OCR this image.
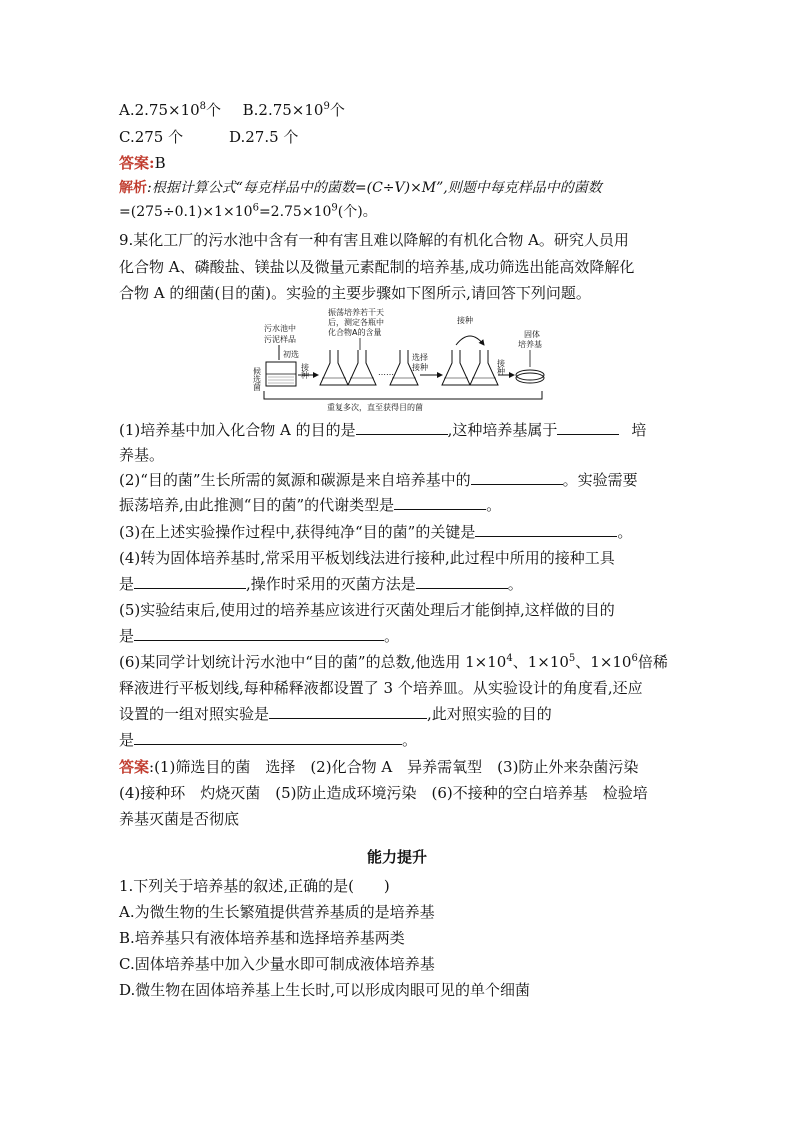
$A.2.75\times 10^8$个 $B.2.75\times 10^9$个
C.275 个	D.27.5 个
答案:B
解析:根据计算公式“每克样品中的菌数=(C÷V)×M”,则题中每克样品中的菌数
$=(275\div 0.1)\times 1\times 10^6=2.75\times 10^9$(个)。
9.某化工厂的污水池中含有一种有害且难以降解的有机化合物 A。研究人员用
化合物 A、磷酸盐、镁盐以及微量元素配制的培养基,成功筛选出能高效降解化
合物 A 的细菌(目的菌)。实验的主要步骤如下图所示,请回答下列问题。
候选菌
污水池中
污泥样品
初选
接种
振荡培养若干天
后，测定各瓶中
化合物A的含量
……
选择
接种
接种
接种
固体
培养基
重复多次，直至获得目的菌
(1)培养基中加入化合物 A 的目的是	,这种培养基属于	培
养基。
(2)“目的菌”生长所需的氮源和碳源是来自培养基中的	。实验需要
振荡培养,由此推测“目的菌”的代谢类型是	。
(3)在上述实验操作过程中,获得纯净“目的菌”的关键是	。
(4)转为固体培养基时,常采用平板划线法进行接种,此过程中所用的接种工具
是	,操作时采用的灭菌方法是	。
(5)实验结束后,使用过的培养基应该进行灭菌处理后才能倒掉,这样做的目的
是	。
(6)某同学计划统计污水池中“目的菌”的总数,他选用 $1\times 10^4$、$1\times 10^5$、$1\times 10^6$倍稀
释液进行平板划线,每种稀释液都设置了 3 个培养皿。从实验设计的角度看,还应
设置的一组对照实验是	,此对照实验的目的
是	。
答案:(1)筛选目的菌　选择　(2)化合物 A　异养需氧型　(3)防止外来杂菌污染
(4)接种环　灼烧灭菌　(5)防止造成环境污染　(6)不接种的空白培养基　检验培
养基灭菌是否彻底
能力提升
1.下列关于培养基的叙述,正确的是(　　)
A.为微生物的生长繁殖提供营养基质的是培养基
B.培养基只有液体培养基和选择培养基两类
C.固体培养基中加入少量水即可制成液体培养基
D.微生物在固体培养基上生长时,可以形成肉眼可见的单个细菌
